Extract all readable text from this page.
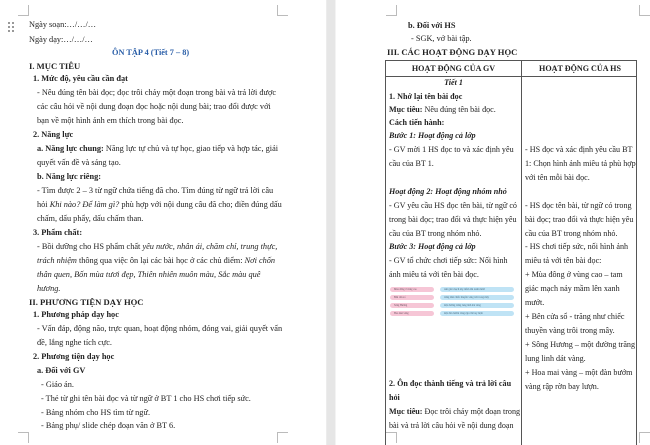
Ngày soạn:…/…/…
Ngày dạy:…/…/…
ÔN TẬP 4 (Tiết 7 – 8)
I. MỤC TIÊU
1. Mức độ, yêu cầu cần đạt
- Nêu đúng tên bài đọc; đọc trôi chảy một đoạn trong bài và trả lời được
các câu hỏi về nội dung đoạn đọc hoặc nội dung bài; trao đổi được với
bạn về một hình ảnh em thích trong bài đọc.
2. Năng lực
a. Năng lực chung: Năng lực tự chủ và tự học, giao tiếp và hợp tác, giải
quyết vấn đề và sáng tạo.
b. Năng lực riêng:
- Tìm được 2 – 3 từ ngữ chứa tiếng đã cho. Tìm đúng từ ngữ trả lời câu
hỏi Khi nào? Để làm gì? phù hợp với nội dung câu đã cho; điền đúng dấu
chấm, dấu phẩy, dấu chấm than.
3. Phẩm chất:
- Bồi dưỡng cho HS phẩm chất yêu nước, nhân ái, chăm chỉ, trung thực,
trách nhiệm thông qua việc ôn lại các bài học ở các chủ điểm: Nơi chốn
thân quen, Bốn mùa tươi đẹp, Thiên nhiên muôn màu, Sắc màu quê
hương.
II. PHƯƠNG TIỆN DẠY HỌC
1. Phương pháp dạy học
- Vấn đáp, động não, trực quan, hoạt động nhóm, đóng vai, giải quyết vấn
đề, lắng nghe tích cực.
2. Phương tiện dạy học
a. Đối với GV
- Giáo án.
- Thẻ từ ghi tên bài đọc và từ ngữ ở BT 1 cho HS chơi tiếp sức.
- Bảng nhóm cho HS tìm từ ngữ.
- Bảng phụ/ slide chép đoạn văn ở BT 6.
b. Đối với HS
- SGK, vở bài tập.
III. CÁC HOẠT ĐỘNG DẠY HỌC
HOẠT ĐỘNG CỦA GV	HOẠT ĐỘNG CỦA HS
Tiết 1
1. Nhớ lại tên bài đọc
Mục tiêu: Nêu đúng tên bài đọc.
Cách tiến hành:
Bước 1: Hoạt động cả lớp
- GV mời 1 HS đọc to và xác định yêu
cầu của BT 1.
Hoạt động 2: Hoạt động nhóm nhỏ
- GV yêu cầu HS đọc tên bài, từ ngữ có
trong bài đọc; trao đổi và thực hiện yêu
cầu của BT trong nhóm nhỏ.
Bước 3: Hoạt động cả lớp
- GV tổ chức chơi tiếp sức: Nối hình
ảnh miêu tả với tên bài đọc.
Mùa đông ở vùng cao
Bên cửa sổ
Sông Hương
Hoa mai vàng
tam giác mạch nảy mầm lên xanh mướt
trăng như chiếc thuyền vàng trôi trong mây
một đường trăng lung linh dát vàng
một đàn bướm vàng rập rờn bay lượn
2. Ôn đọc thành tiếng và trả lời câu
hỏi
Mục tiêu: Đọc trôi chảy một đoạn trong
bài và trả lời câu hỏi về nội dung đoạn
- HS đọc và xác định yêu cầu BT
1: Chọn hình ảnh miêu tả phù hợp
với tên mỗi bài đọc.
- HS đọc tên bài, từ ngữ có trong
bài đọc; trao đổi và thực hiện yêu
cầu của BT trong nhóm nhỏ.
- HS chơi tiếp sức, nối hình ảnh
miêu tả với tên bài đọc:
+ Mùa đông ở vùng cao – tam
giác mạch nảy mầm lên xanh
mướt.
+ Bên cửa sổ - trăng như chiếc
thuyền vàng trôi trong mây.
+ Sông Hương – một đường trăng
lung linh dát vàng.
+ Hoa mai vàng – một đàn bướm
vàng rập rờn bay lượn.
